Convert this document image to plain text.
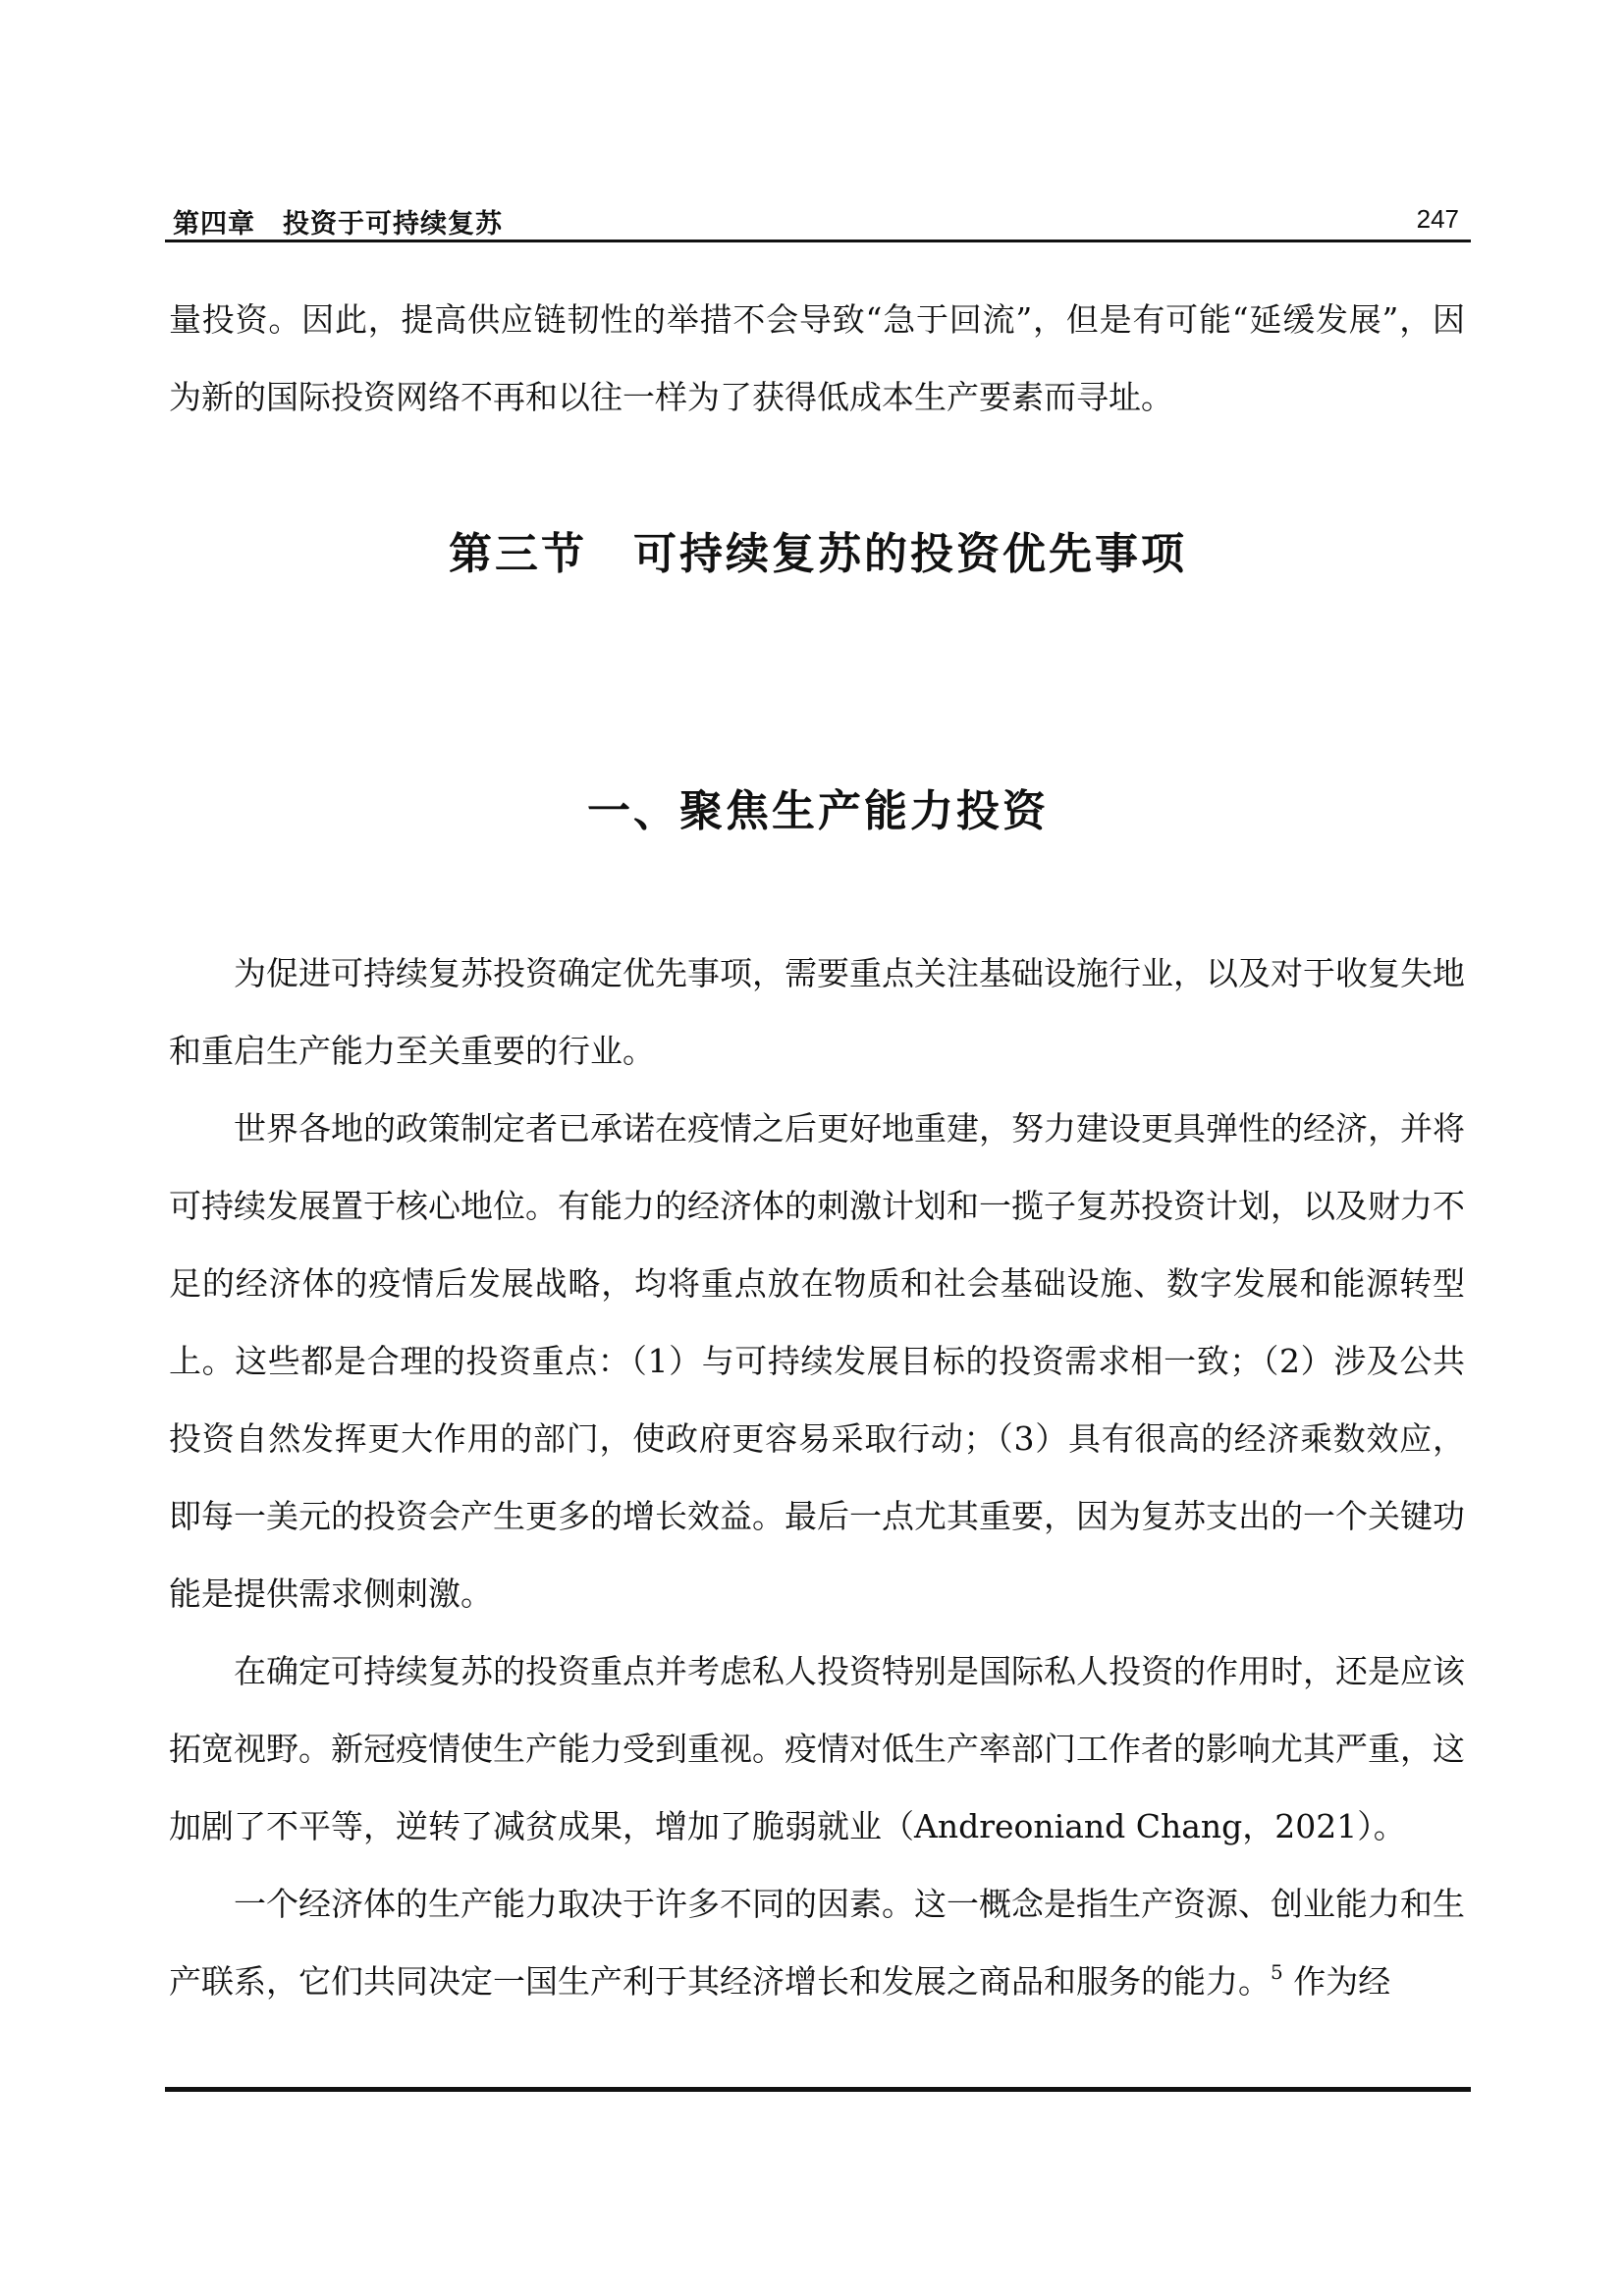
第四章　投资于可持续复苏	247

量投资。因此，提高供应链韧性的举措不会导致“急于回流”，但是有可能“延缓发展”，因为新的国际投资网络不再和以往一样为了获得低成本生产要素而寻址。

第三节　可持续复苏的投资优先事项
一、聚焦生产能力投资

为促进可持续复苏投资确定优先事项，需要重点关注基础设施行业，以及对于收复失地和重启生产能力至关重要的行业。

世界各地的政策制定者已承诺在疫情之后更好地重建，努力建设更具弹性的经济，并将可持续发展置于核心地位。有能力的经济体的刺激计划和一揽子复苏投资计划，以及财力不足的经济体的疫情后发展战略，均将重点放在物质和社会基础设施、数字发展和能源转型上。这些都是合理的投资重点：（1）与可持续发展目标的投资需求相一致；（2）涉及公共投资自然发挥更大作用的部门，使政府更容易采取行动；（3）具有很高的经济乘数效应，即每一美元的投资会产生更多的增长效益。最后一点尤其重要，因为复苏支出的一个关键功能是提供需求侧刺激。

在确定可持续复苏的投资重点并考虑私人投资特别是国际私人投资的作用时，还是应该拓宽视野。新冠疫情使生产能力受到重视。疫情对低生产率部门工作者的影响尤其严重，这加剧了不平等，逆转了减贫成果，增加了脆弱就业（Andreoniand Chang，2021）。

一个经济体的生产能力取决于许多不同的因素。这一概念是指生产资源、创业能力和生产联系，它们共同决定一国生产利于其经济增长和发展之商品和服务的能力。$^5$ 作为经
